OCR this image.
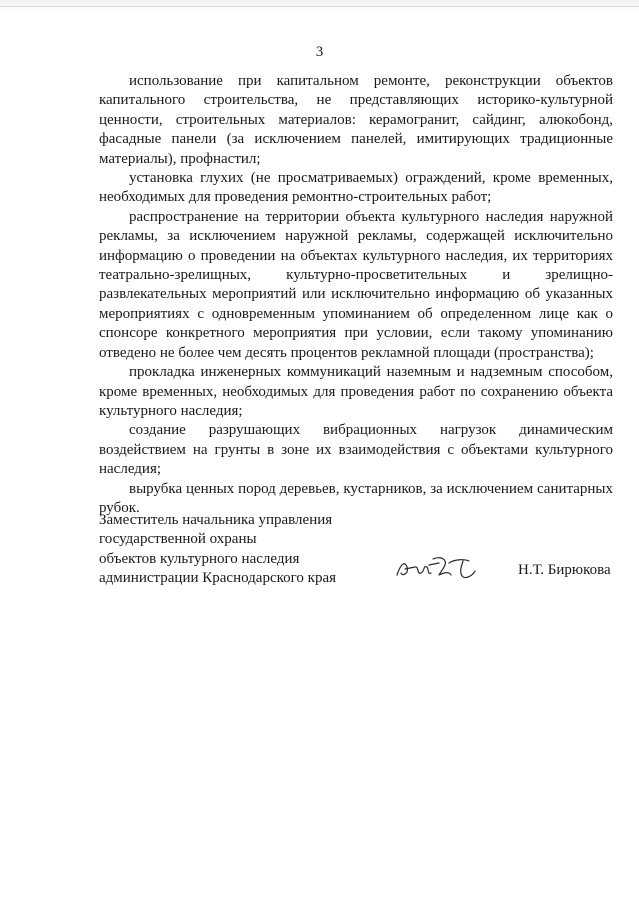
3

использование при капитальном ремонте, реконструкции объектов капитального строительства, не представляющих историко-культурной ценности, строительных материалов: керамогранит, сайдинг, алюкобонд, фасадные панели (за исключением панелей, имитирующих традиционные материалы), профнастил;

установка глухих (не просматриваемых) ограждений, кроме временных, необходимых для проведения ремонтно-строительных работ;

распространение на территории объекта культурного наследия наружной рекламы, за исключением наружной рекламы, содержащей исключительно информацию о проведении на объектах культурного наследия, их территориях театрально-зрелищных, культурно-просветительных и зрелищно-развлекательных мероприятий или исключительно информацию об указанных мероприятиях с одновременным упоминанием об определенном лице как о спонсоре конкретного мероприятия при условии, если такому упоминанию отведено не более чем десять процентов рекламной площади (пространства);

прокладка инженерных коммуникаций наземным и надземным способом, кроме временных, необходимых для проведения работ по сохранению объекта культурного наследия;

создание разрушающих вибрационных нагрузок динамическим воздействием на грунты в зоне их взаимодействия с объектами культурного наследия;

вырубка ценных пород деревьев, кустарников, за исключением санитарных рубок.

Заместитель начальника управления
государственной охраны
объектов культурного наследия
администрации Краснодарского края
Н.Т. Бирюкова
